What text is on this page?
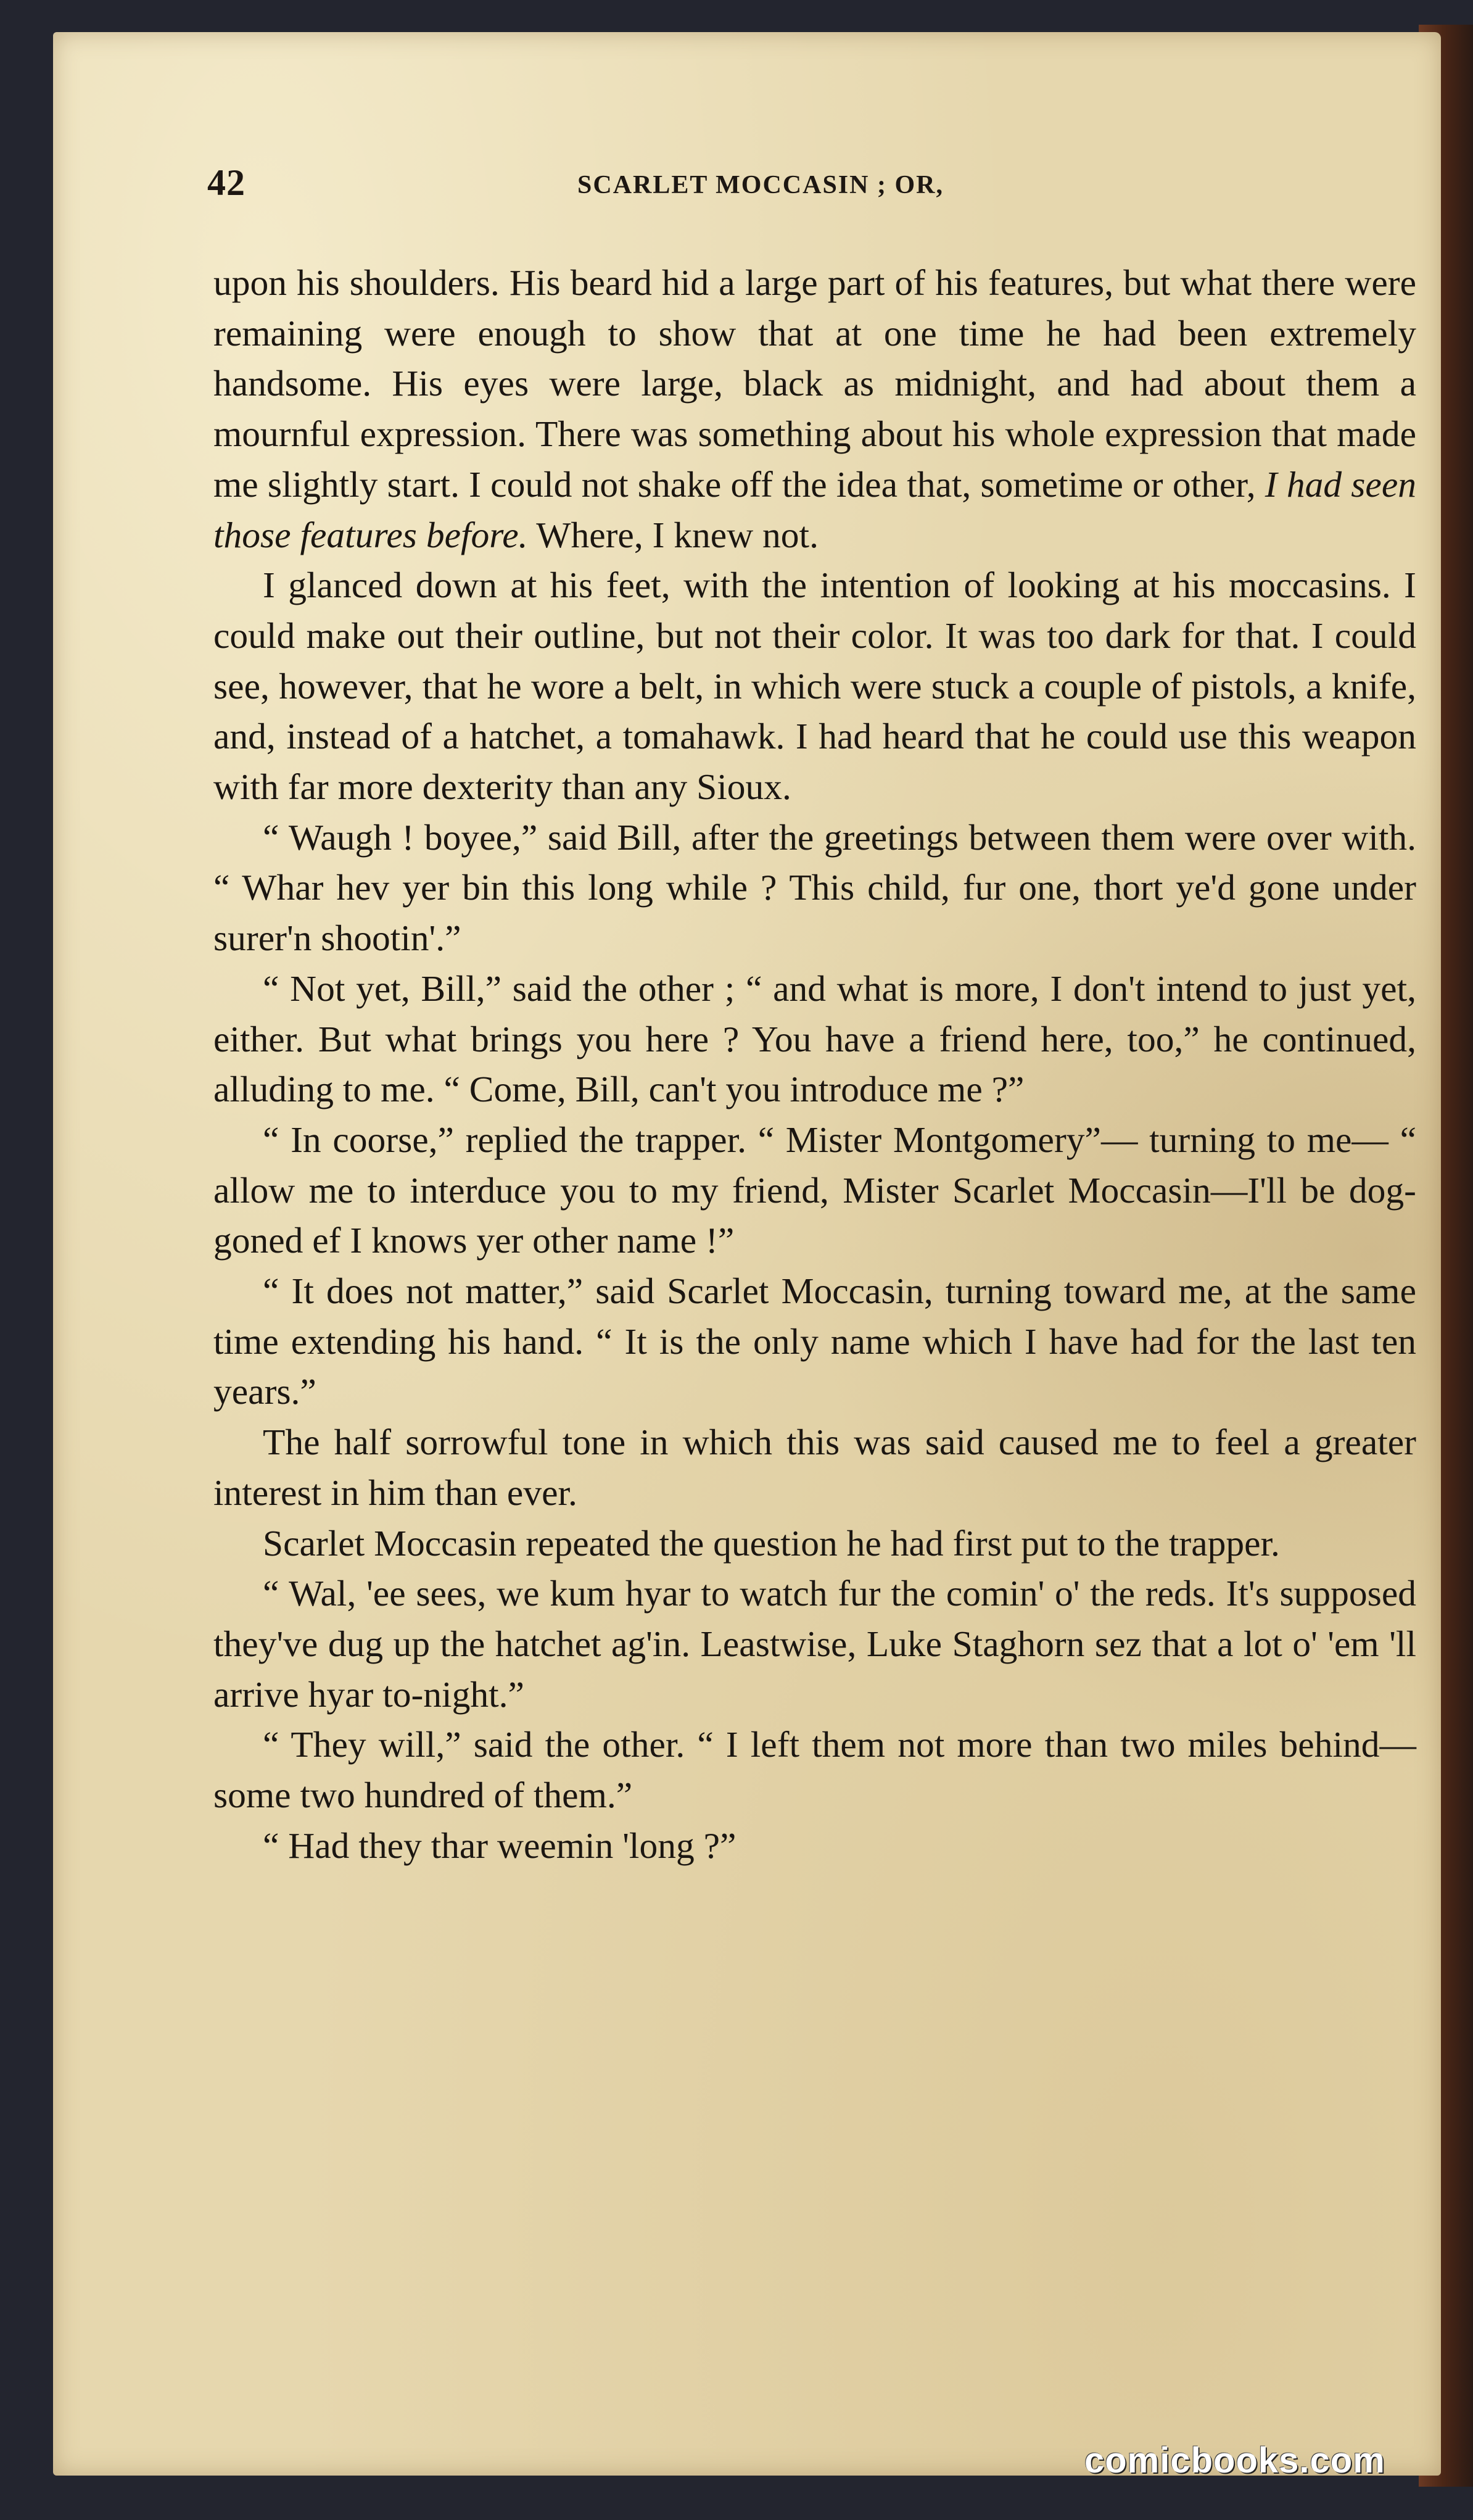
42	SCARLET MOCCASIN ; OR,

upon his shoulders. His beard hid a large part of his features, but what there were remaining were enough to show that at one time he had been extremely handsome. His eyes were large, black as midnight, and had about them a mournful expression. There was something about his whole expression that made me slightly start. I could not shake off the idea that, sometime or other, I had seen those features before. Where, I knew not.

I glanced down at his feet, with the intention of looking at his moccasins. I could make out their outline, but not their color. It was too dark for that. I could see, however, that he wore a belt, in which were stuck a couple of pistols, a knife, and, instead of a hatchet, a tomahawk. I had heard that he could use this weapon with far more dexterity than any Sioux.

“ Waugh ! boyee,” said Bill, after the greetings between them were over with. “ Whar hev yer bin this long while ? This child, fur one, thort ye'd gone under surer'n shootin'.”

“ Not yet, Bill,” said the other ; “ and what is more, I don't intend to just yet, either. But what brings you here ? You have a friend here, too,” he continued, alluding to me. “ Come, Bill, can't you introduce me ?”

“ In coorse,” replied the trapper. “ Mister Montgomery”— turning to me— “ allow me to interduce you to my friend, Mister Scarlet Moccasin—I'll be dog-goned ef I knows yer other name !”

“ It does not matter,” said Scarlet Moccasin, turning toward me, at the same time extending his hand. “ It is the only name which I have had for the last ten years.”

The half sorrowful tone in which this was said caused me to feel a greater interest in him than ever.

Scarlet Moccasin repeated the question he had first put to the trapper.

“ Wal, 'ee sees, we kum hyar to watch fur the comin' o' the reds. It's supposed they've dug up the hatchet ag'in. Leastwise, Luke Staghorn sez that a lot o' 'em 'll arrive hyar to-night.”

“ They will,” said the other. “ I left them not more than two miles behind—some two hundred of them.”

“ Had they thar weemin 'long ?”

comicbooks.com
